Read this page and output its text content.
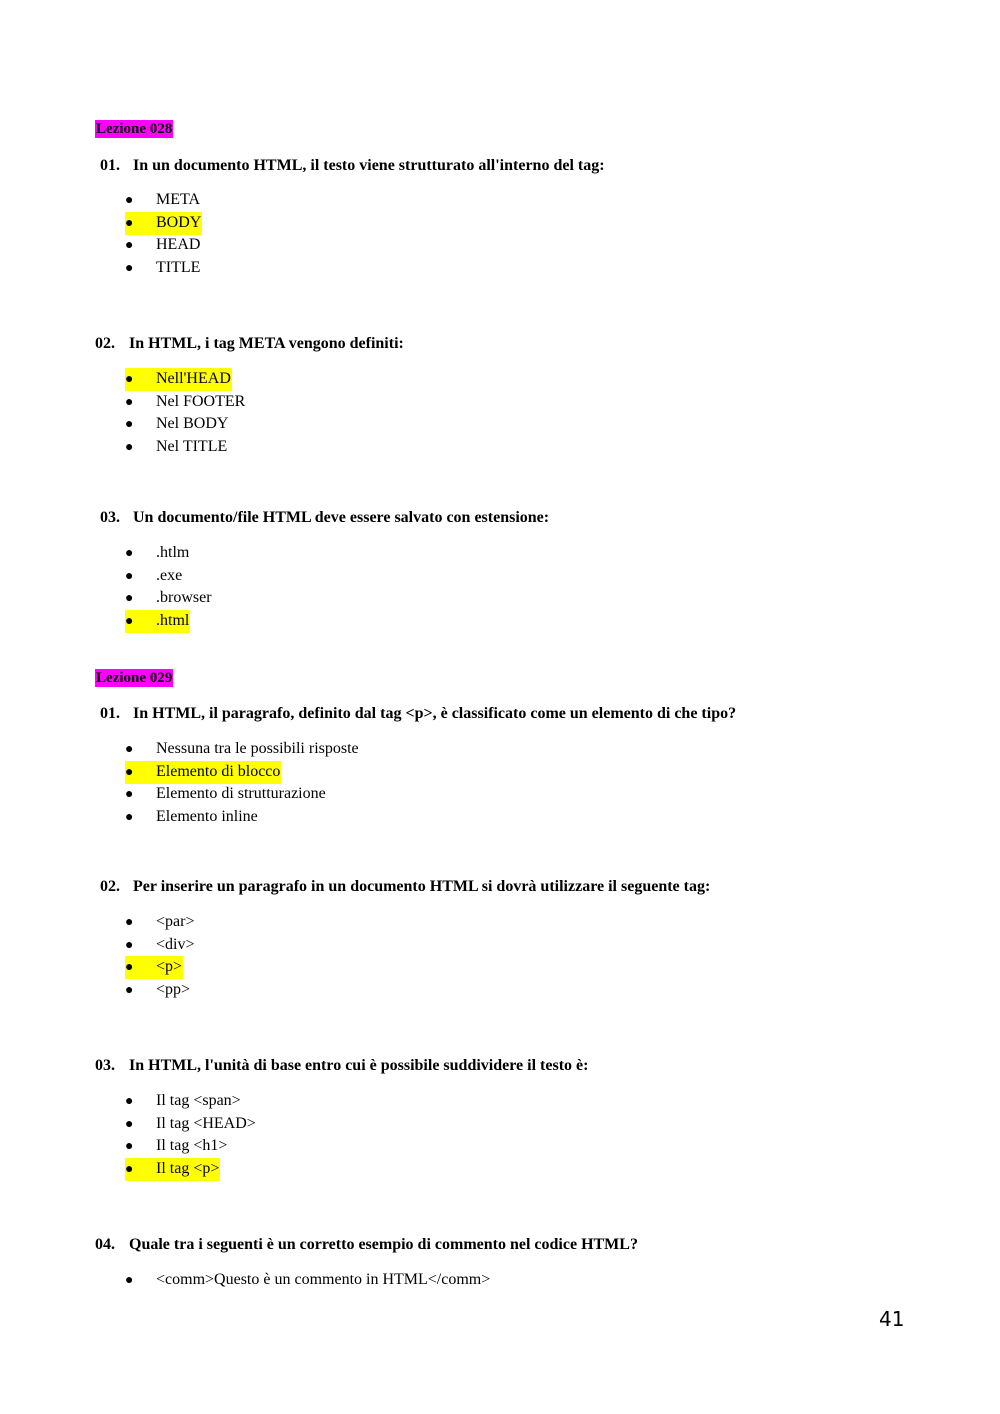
Lezione 028
01. In un documento HTML, il testo viene strutturato all'interno del tag:
● META
● BODY
● HEAD
● TITLE
02. In HTML, i tag META vengono definiti:
● Nell'HEAD
● Nel FOOTER
● Nel BODY
● Nel TITLE
03. Un documento/file HTML deve essere salvato con estensione:
● .htlm
● .exe
● .browser
● .html
Lezione 029
01. In HTML, il paragrafo, definito dal tag <p>, è classificato come un elemento di che tipo?
● Nessuna tra le possibili risposte
● Elemento di blocco
● Elemento di strutturazione
● Elemento inline
02. Per inserire un paragrafo in un documento HTML si dovrà utilizzare il seguente tag:
● <par>
● <div>
● <p>
● <pp>
03. In HTML, l'unità di base entro cui è possibile suddividere il testo è:
● Il tag <span>
● Il tag <HEAD>
● Il tag <h1>
● Il tag <p>
04. Quale tra i seguenti è un corretto esempio di commento nel codice HTML?
● <comm>Questo è un commento in HTML</comm>
41
